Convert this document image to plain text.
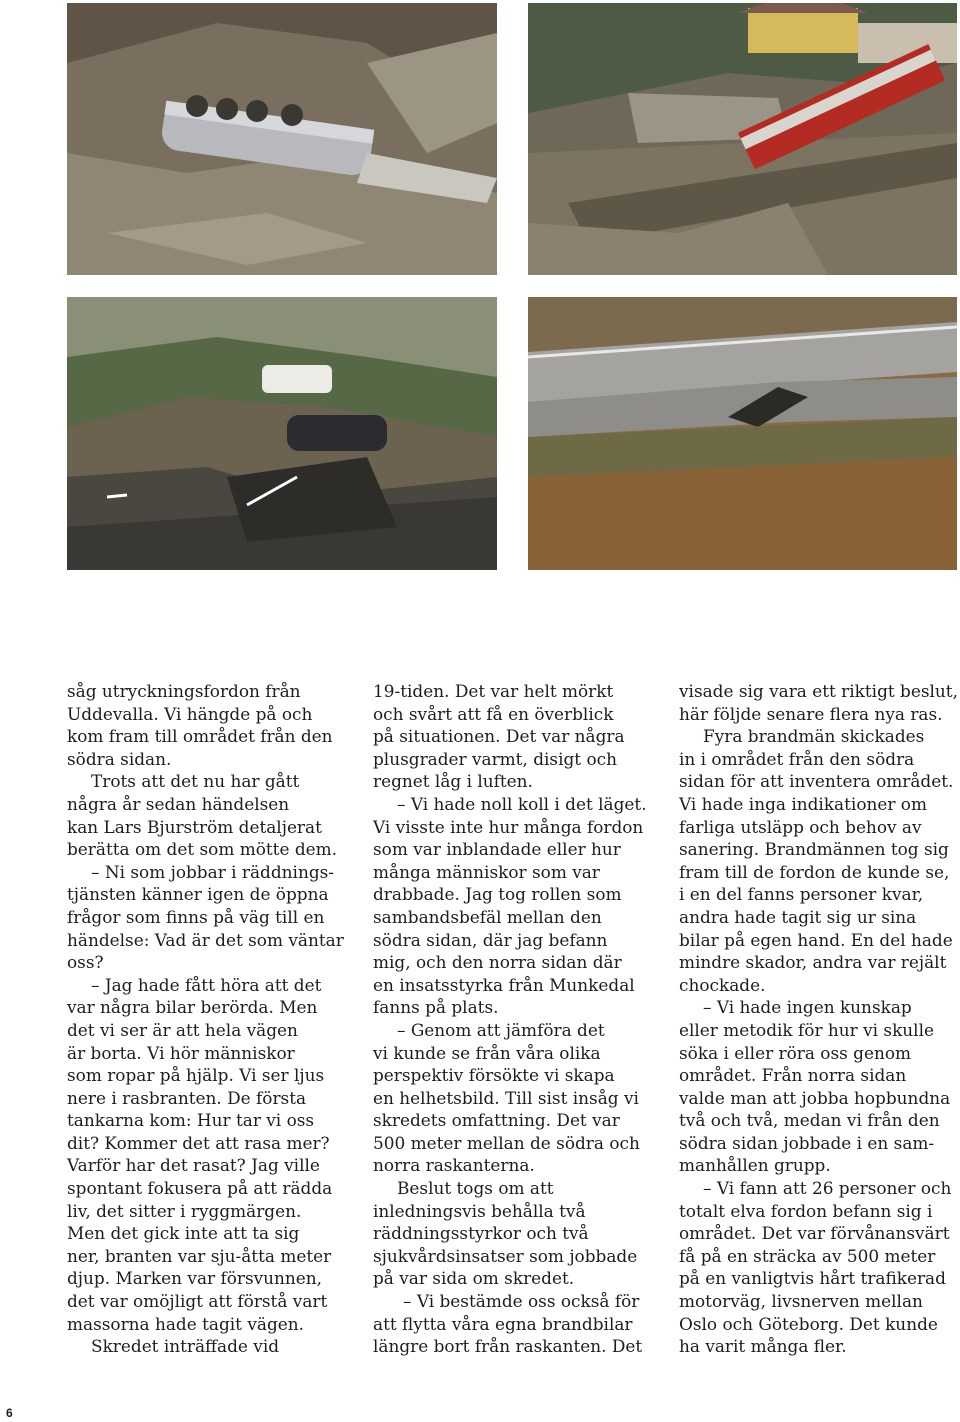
såg utryckningsfordon från

Uddevalla. Vi hängde på och

kom fram till området från den

södra sidan.

Trots att det nu har gått

några år sedan händelsen

kan Lars Bjurström detaljerat

berätta om det som mötte dem.

– Ni som jobbar i räddnings-

tjänsten känner igen de öppna

frågor som finns på väg till en

händelse: Vad är det som väntar

oss?

– Jag hade fått höra att det

var några bilar berörda. Men

det vi ser är att hela vägen

är borta. Vi hör människor

som ropar på hjälp. Vi ser ljus

nere i rasbranten. De första

tankarna kom: Hur tar vi oss

dit? Kommer det att rasa mer?

Varför har det rasat? Jag ville

spontant fokusera på att rädda

liv, det sitter i ryggmärgen.

Men det gick inte att ta sig

ner, branten var sju-åtta meter

djup. Marken var försvunnen,

det var omöjligt att förstå vart

massorna hade tagit vägen.

Skredet inträffade vid

19-tiden. Det var helt mörkt

och svårt att få en överblick

på situationen. Det var några

plusgrader varmt, disigt och

regnet låg i luften.

– Vi hade noll koll i det läget.

Vi visste inte hur många fordon

som var inblandade eller hur

många människor som var

drabbade. Jag tog rollen som

sambandsbefäl mellan den

södra sidan, där jag befann

mig, och den norra sidan där

en insatsstyrka från Munkedal

fanns på plats.

– Genom att jämföra det

vi kunde se från våra olika

perspektiv försökte vi skapa

en helhetsbild. Till sist insåg vi

skredets omfattning. Det var

500 meter mellan de södra och

norra raskanterna.

Beslut togs om att

inledningsvis behålla två

räddningsstyrkor och två

sjukvårdsinsatser som jobbade

på var sida om skredet.

– Vi bestämde oss också för

att flytta våra egna brandbilar

längre bort från raskanten. Det

visade sig vara ett riktigt beslut,

här följde senare flera nya ras.

Fyra brandmän skickades

in i området från den södra

sidan för att inventera området.

Vi hade inga indikationer om

farliga utsläpp och behov av

sanering. Brandmännen tog sig

fram till de fordon de kunde se,

i en del fanns personer kvar,

andra hade tagit sig ur sina

bilar på egen hand. En del hade

mindre skador, andra var rejält

chockade.

– Vi hade ingen kunskap

eller metodik för hur vi skulle

söka i eller röra oss genom

området. Från norra sidan

valde man att jobba hopbundna

två och två, medan vi från den

södra sidan jobbade i en sam-

manhållen grupp.

– Vi fann att 26 personer och

totalt elva fordon befann sig i

området. Det var förvånansvärt

få på en sträcka av 500 meter

på en vanligtvis hårt trafikerad

motorväg, livsnerven mellan

Oslo och Göteborg. Det kunde

ha varit många fler.

6
